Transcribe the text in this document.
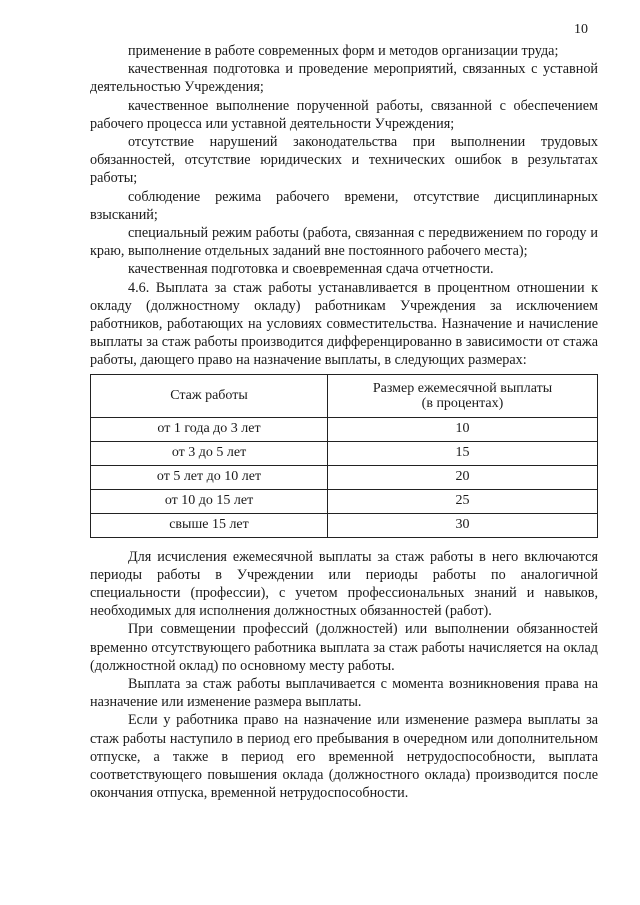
10

применение в работе современных форм и методов организации труда;

качественная подготовка и проведение мероприятий, связанных с уставной деятельностью Учреждения;

качественное выполнение порученной работы, связанной с обеспечением рабочего процесса или уставной деятельности Учреждения;

отсутствие нарушений законодательства при выполнении трудовых обязанностей, отсутствие юридических и технических ошибок в результатах работы;

соблюдение режима рабочего времени, отсутствие дисциплинарных взысканий;

специальный режим работы (работа, связанная с передвижением по городу и краю, выполнение отдельных заданий вне постоянного рабочего места);

качественная подготовка и своевременная сдача отчетности.

4.6. Выплата за стаж работы устанавливается в процентном отношении к окладу (должностному окладу) работникам Учреждения за исключением работников, работающих на условиях совместительства. Назначение и начисление выплаты за стаж работы производится дифференцированно в зависимости от стажа работы, дающего право на назначение выплаты, в следующих размерах:

Стаж работы	Размер ежемесячной выплаты
(в процентах)
от 1 года до 3 лет	10
от 3 до 5 лет	15
от 5 лет до 10 лет	20
от 10 до 15 лет	25
свыше 15 лет	30

Для исчисления ежемесячной выплаты за стаж работы в него включаются периоды работы в Учреждении или периоды работы по аналогичной специальности (профессии), с учетом профессиональных знаний и навыков, необходимых для исполнения должностных обязанностей (работ).

При совмещении профессий (должностей) или выполнении обязанностей временно отсутствующего работника выплата за стаж работы начисляется на оклад (должностной оклад) по основному месту работы.

Выплата за стаж работы выплачивается с момента возникновения права на назначение или изменение размера выплаты.

Если у работника право на назначение или изменение размера выплаты за стаж работы наступило в период его пребывания в очередном или дополнительном отпуске, а также в период его временной нетрудоспособности, выплата соответствующего повышения оклада (должностного оклада) производится после окончания отпуска, временной нетрудоспособности.
